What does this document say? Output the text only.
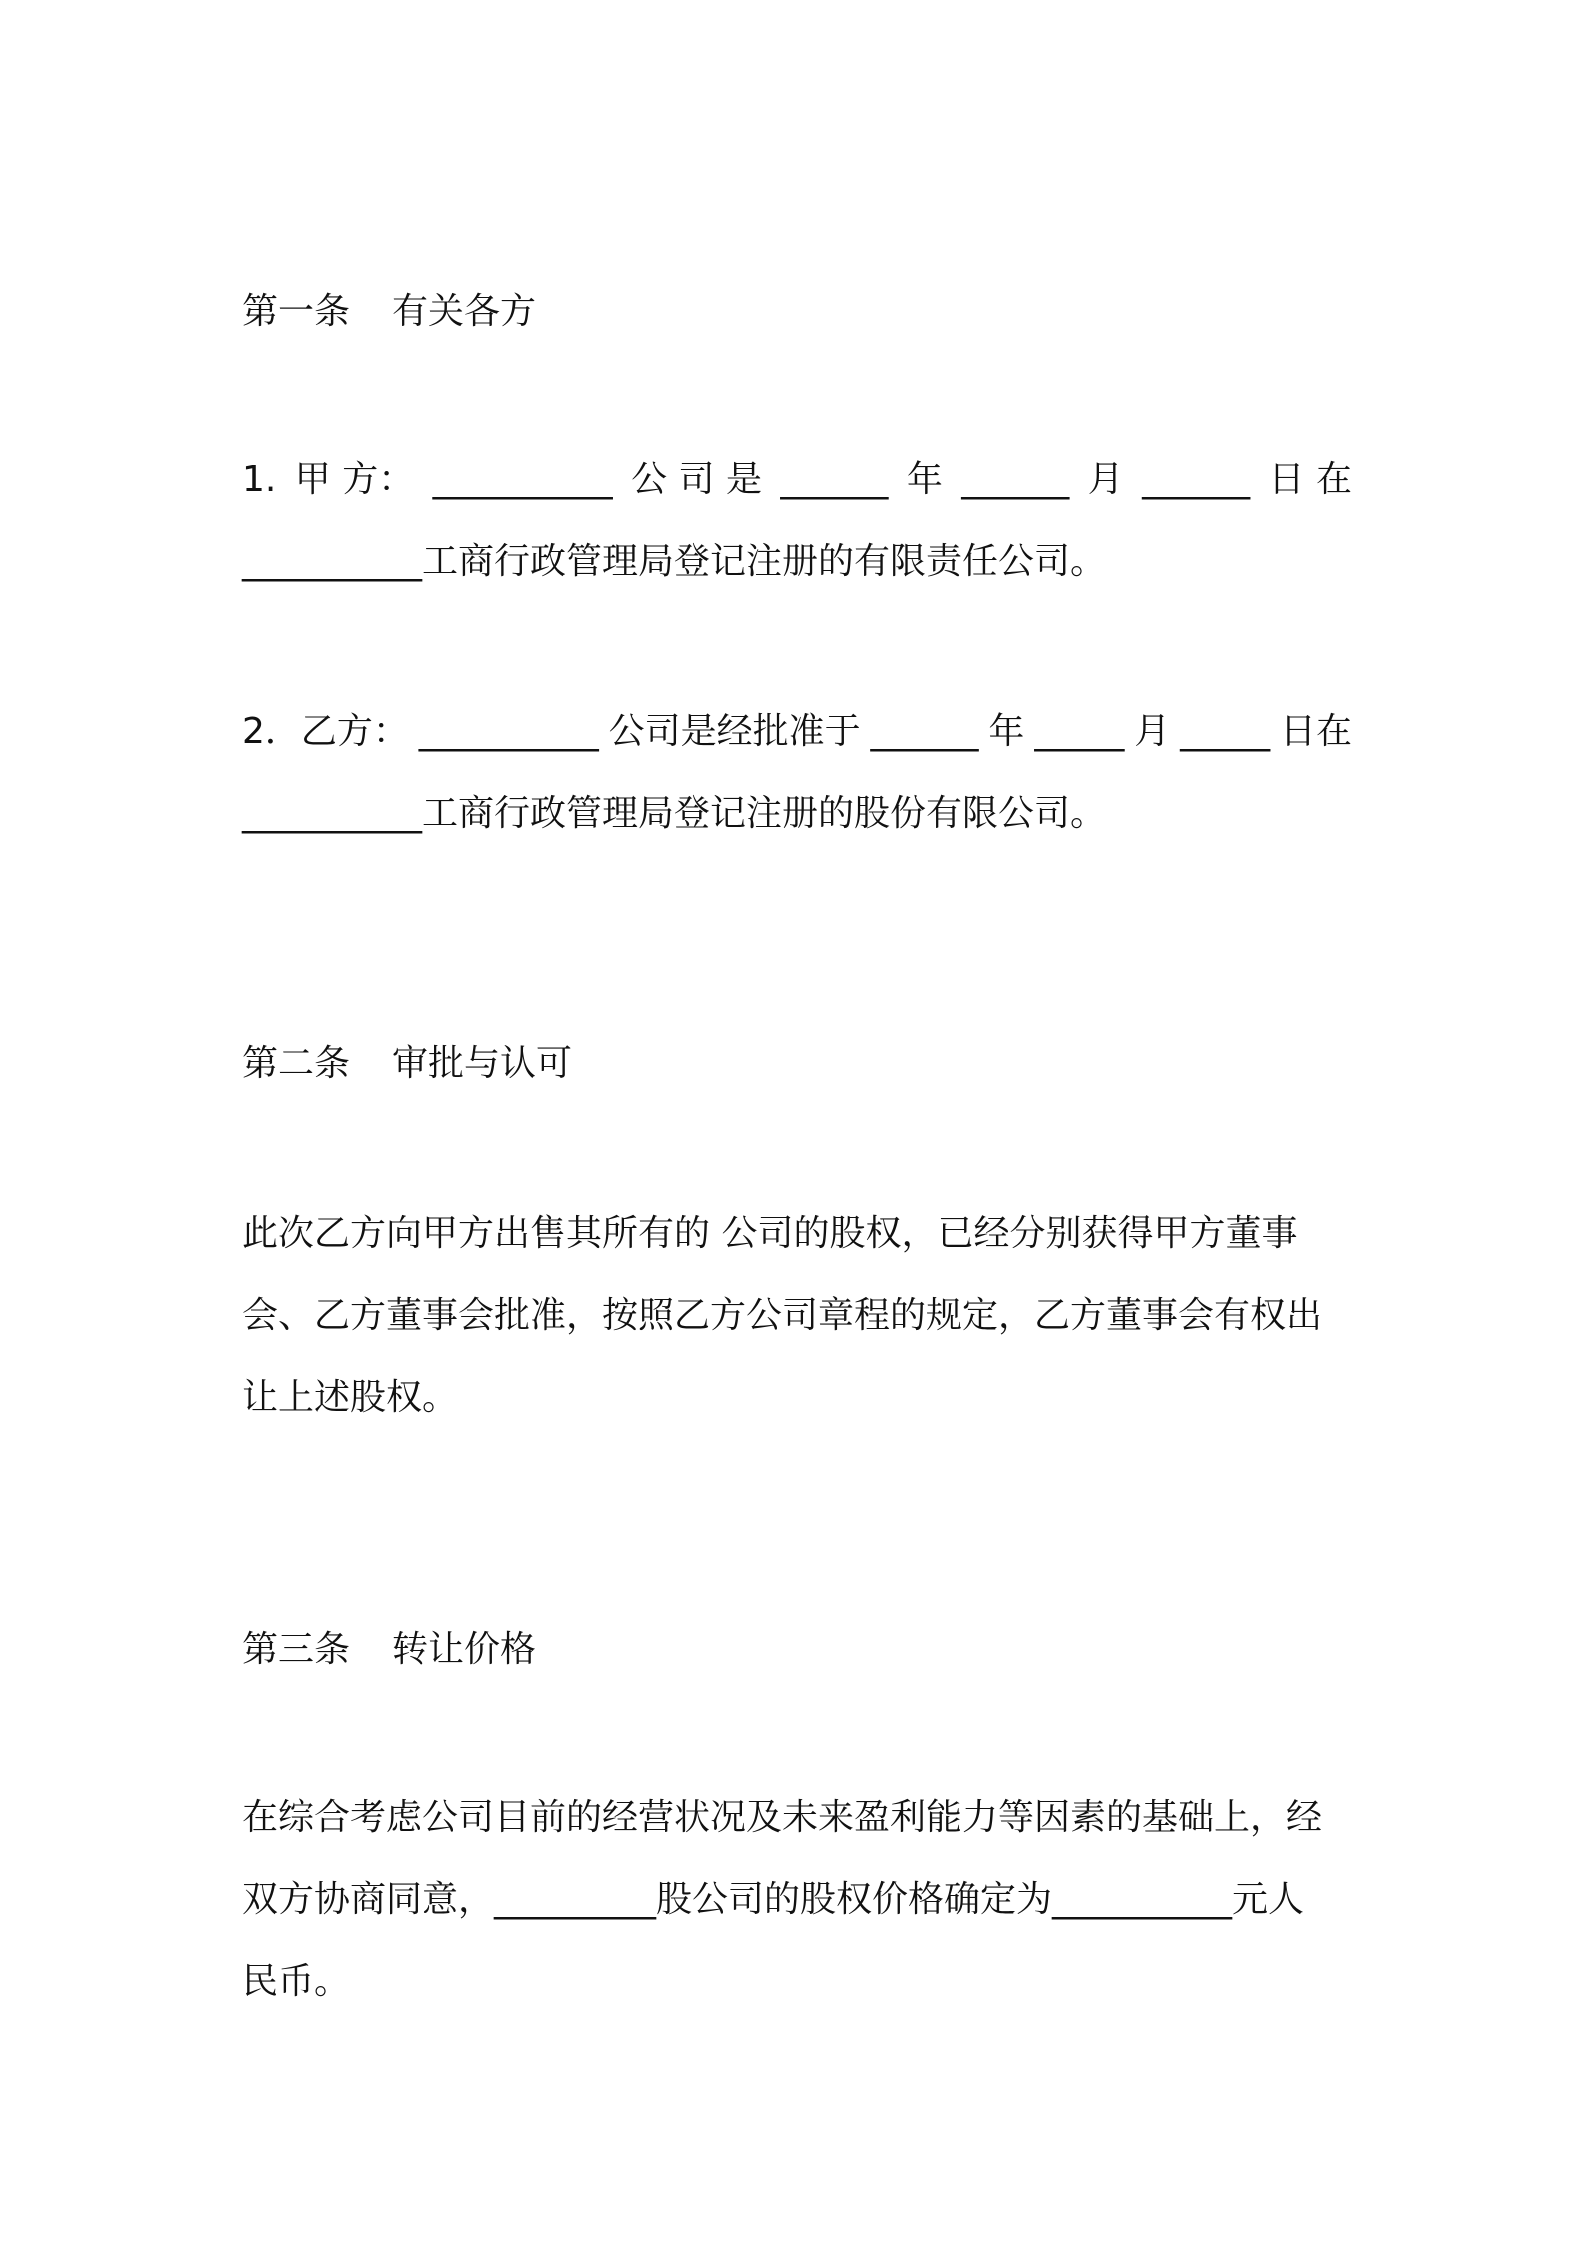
第一条 有关各方
1. 甲 方： __________ 公 司 是 ______ 年 ______ 月 ______ 日 在
__________工商行政管理局登记注册的有限责任公司。
2．乙方： __________ 公司是经批准于 ______ 年 _____ 月 _____ 日在
__________工商行政管理局登记注册的股份有限公司。
第二条 审批与认可
此次乙方向甲方出售其所有的 公司的股权，已经分别获得甲方董事
会、乙方董事会批准，按照乙方公司章程的规定，乙方董事会有权出
让上述股权。
第三条 转让价格
在综合考虑公司目前的经营状况及未来盈利能力等因素的基础上，经
双方协商同意，_________股公司的股权价格确定为__________元人
民币。
